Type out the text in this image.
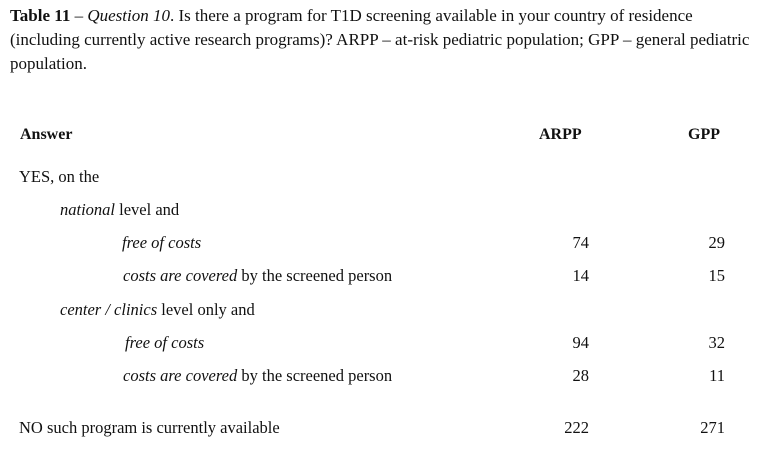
Table 11 – Question 10. Is there a program for T1D screening available in your country of residence (including currently active research programs)? ARPP – at-risk pediatric population; GPP – general pediatric population.
Answer	ARPP	GPP
YES, on the
national level and
free of costs	74	29
costs are covered by the screened person	14	15
center / clinics level only and
free of costs	94	32
costs are covered by the screened person	28	11
NO such program is currently available	222	271
